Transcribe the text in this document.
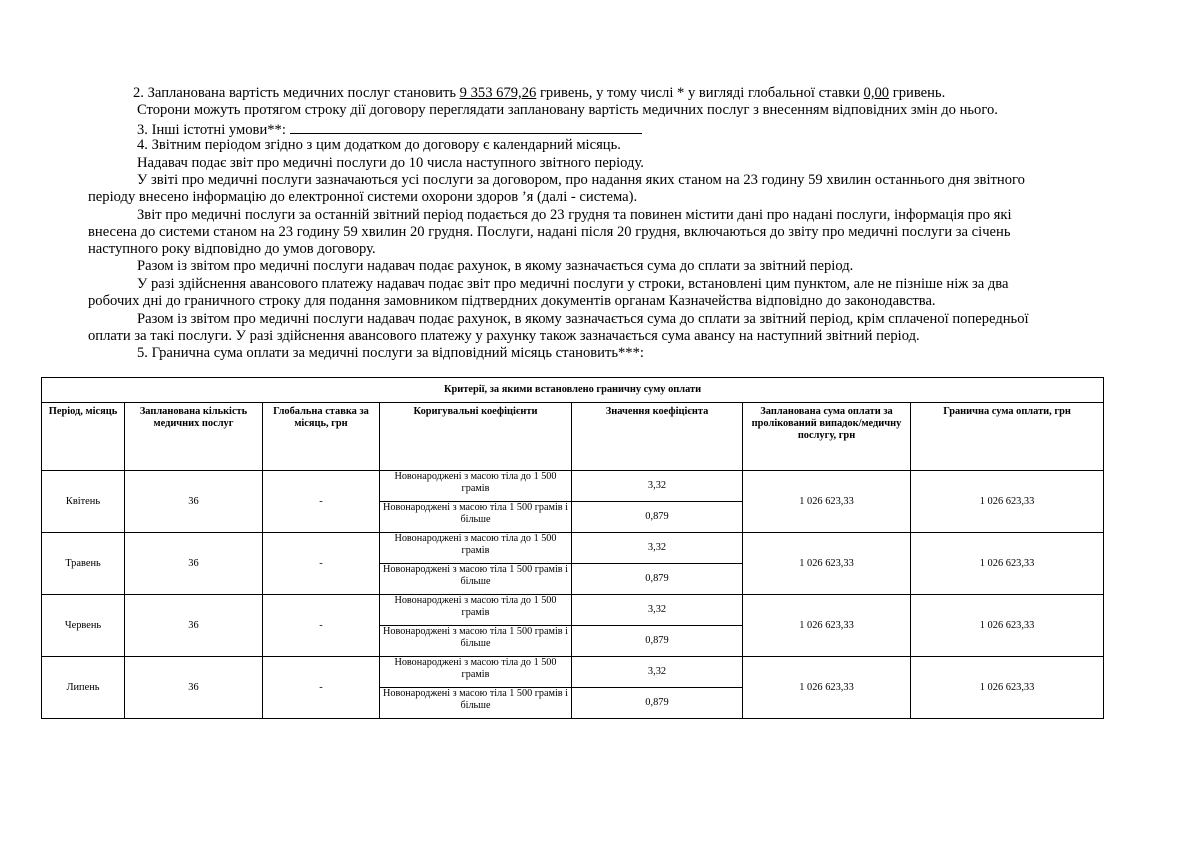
2. Запланована вартість медичних послуг становить 9 353 679,26 гривень, у тому числі * у вигляді глобальної ставки 0,00 гривень.
Сторони можуть протягом строку дії договору переглядати заплановану вартість медичних послуг з внесенням відповідних змін до нього.
3. Інші істотні умови**:
4. Звітним періодом згідно з цим додатком до договору є календарний місяць.
Надавач подає звіт про медичні послуги до 10 числа наступного звітного періоду.
У звіті про медичні послуги зазначаються усі послуги за договором, про надання яких станом на 23 годину 59 хвилин останнього дня звітного
періоду внесено інформацію до електронної системи охорони здоров ’я (далі - система).
Звіт про медичні послуги за останній звітний період подається до 23 грудня та повинен містити дані про надані послуги, інформація про які
внесена до системи станом на 23 годину 59 хвилин 20 грудня. Послуги, надані після 20 грудня, включаються до звіту про медичні послуги за січень
наступного року відповідно до умов договору.
Разом із звітом про медичні послуги надавач подає рахунок, в якому зазначається сума до сплати за звітний період.
У разі здійснення авансового платежу надавач подає звіт про медичні послуги у строки, встановлені цим пунктом, але не пізніше ніж за два
робочих дні до граничного строку для подання замовником підтвердних документів органам Казначейства відповідно до законодавства.
Разом із звітом про медичні послуги надавач подає рахунок, в якому зазначається сума до сплати за звітний період, крім сплаченої попередньої
оплати за такі послуги. У разі здійснення авансового платежу у рахунку також зазначається сума авансу на наступний звітний період.
5. Гранична сума оплати за медичні послуги за відповідний місяць становить***:
Критерії, за якими встановлено граничну суму оплати						
Період, місяць	Запланована кількість медичних послуг	Глобальна ставка за місяць, грн	Коригувальні коефіцієнти	Значення коефіцієнта	Запланована сума оплати за пролікований випадок/медичну послугу, грн	Гранична сума оплати, грн
Квітень	36	-	Новонароджені з масою тіла до 1 500 грамів	3,32	1 026 623,33	1 026 623,33
			Новонароджені з масою тіла 1 500 грамів і більше	0,879		
Травень	36	-	Новонароджені з масою тіла до 1 500 грамів	3,32	1 026 623,33	1 026 623,33
			Новонароджені з масою тіла 1 500 грамів і більше	0,879		
Червень	36	-	Новонароджені з масою тіла до 1 500 грамів	3,32	1 026 623,33	1 026 623,33
			Новонароджені з масою тіла 1 500 грамів і більше	0,879		
Липень	36	-	Новонароджені з масою тіла до 1 500 грамів	3,32	1 026 623,33	1 026 623,33
			Новонароджені з масою тіла 1 500 грамів і більше	0,879		
